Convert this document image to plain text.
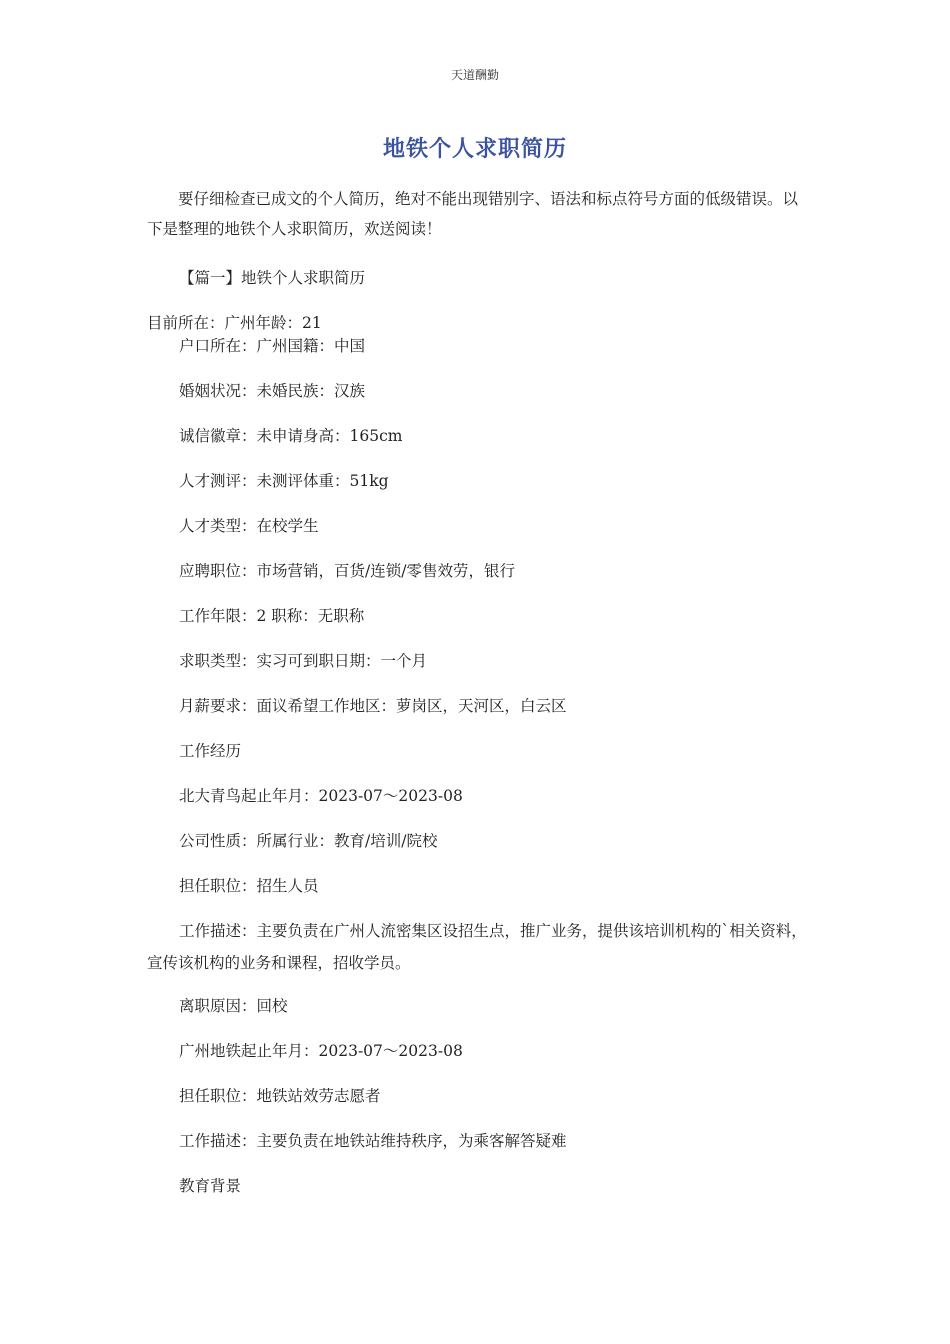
天道酬勤
地铁个人求职简历

要仔细检查已成文的个人简历，绝对不能出现错别字、语法和标点符号方面的低级错误。以下是整理的地铁个人求职简历，欢送阅读！

【篇一】地铁个人求职简历

目前所在：广州年龄：21

户口所在：广州国籍：中国

婚姻状况：未婚民族：汉族

诚信徽章：未申请身高：165cm

人才测评：未测评体重：51kg

人才类型：在校学生

应聘职位：市场营销，百货/连锁/零售效劳，银行

工作年限：2 职称：无职称

求职类型：实习可到职日期：一个月

月薪要求：面议希望工作地区：萝岗区，天河区，白云区

工作经历

北大青鸟起止年月：2023-07～2023-08

公司性质：所属行业：教育/培训/院校

担任职位：招生人员

工作描述：主要负责在广州人流密集区设招生点，推广业务，提供该培训机构的`相关资料，宣传该机构的业务和课程，招收学员。

离职原因：回校

广州地铁起止年月：2023-07～2023-08

担任职位：地铁站效劳志愿者

工作描述：主要负责在地铁站维持秩序，为乘客解答疑难

教育背景
